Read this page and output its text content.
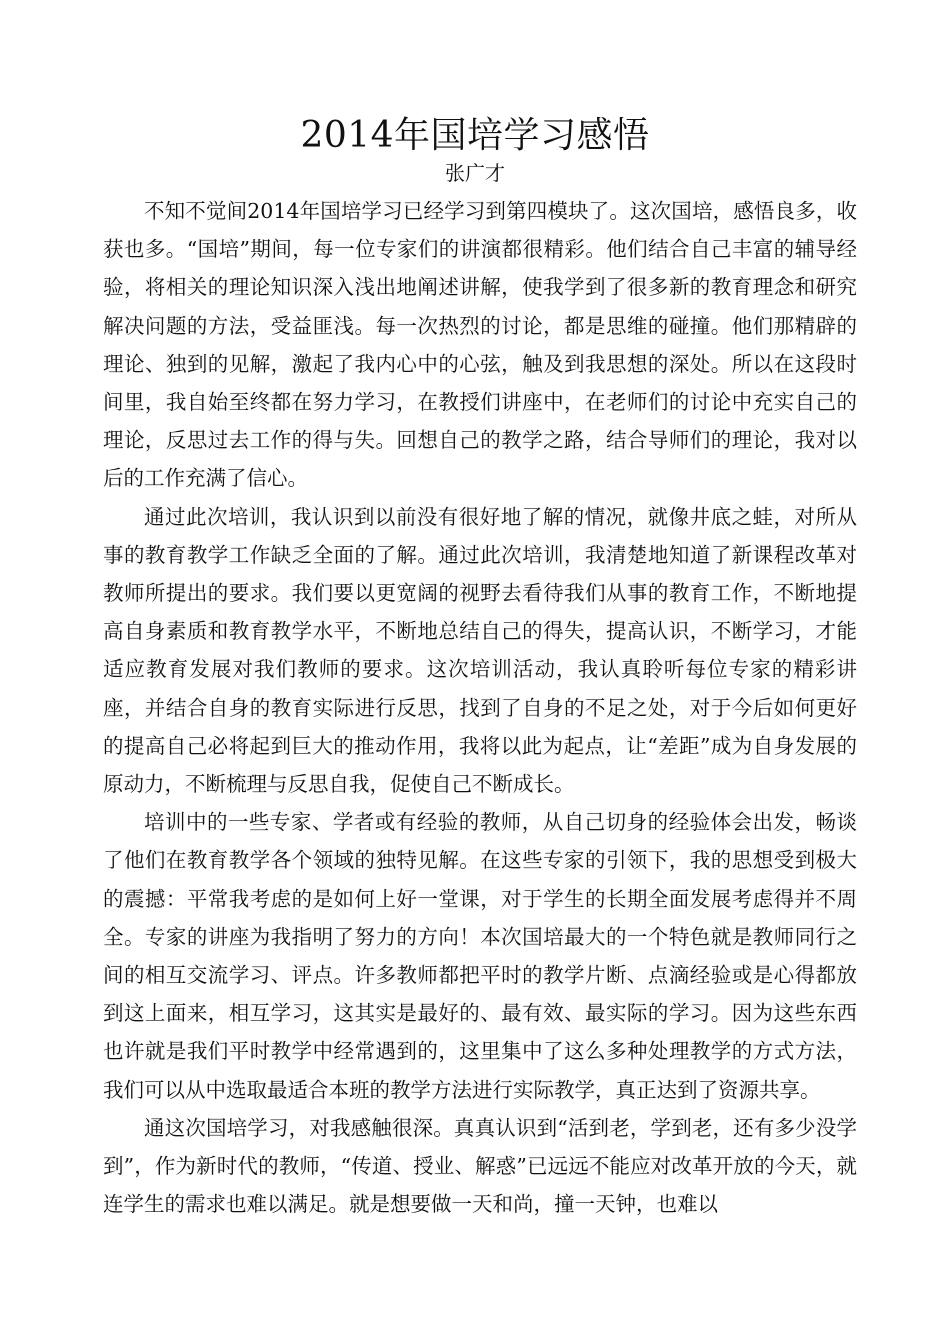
2014年国培学习感悟
张广才

不知不觉间2014年国培学习已经学习到第四模块了。这次国培，感悟良多，收获也多。“国培”期间，每一位专家们的讲演都很精彩。他们结合自己丰富的辅导经验，将相关的理论知识深入浅出地阐述讲解，使我学到了很多新的教育理念和研究解决问题的方法，受益匪浅。每一次热烈的讨论，都是思维的碰撞。他们那精辟的理论、独到的见解，激起了我内心中的心弦，触及到我思想的深处。所以在这段时间里，我自始至终都在努力学习，在教授们讲座中，在老师们的讨论中充实自己的理论，反思过去工作的得与失。回想自己的教学之路，结合导师们的理论，我对以后的工作充满了信心。

通过此次培训，我认识到以前没有很好地了解的情况，就像井底之蛙，对所从事的教育教学工作缺乏全面的了解。通过此次培训，我清楚地知道了新课程改革对教师所提出的要求。我们要以更宽阔的视野去看待我们从事的教育工作，不断地提高自身素质和教育教学水平，不断地总结自己的得失，提高认识，不断学习，才能适应教育发展对我们教师的要求。这次培训活动，我认真聆听每位专家的精彩讲座，并结合自身的教育实际进行反思，找到了自身的不足之处，对于今后如何更好的提高自己必将起到巨大的推动作用，我将以此为起点，让“差距”成为自身发展的原动力，不断梳理与反思自我，促使自己不断成长。

培训中的一些专家、学者或有经验的教师，从自己切身的经验体会出发，畅谈了他们在教育教学各个领域的独特见解。在这些专家的引领下，我的思想受到极大的震撼：平常我考虑的是如何上好一堂课，对于学生的长期全面发展考虑得并不周全。专家的讲座为我指明了努力的方向！本次国培最大的一个特色就是教师同行之间的相互交流学习、评点。许多教师都把平时的教学片断、点滴经验或是心得都放到这上面来，相互学习，这其实是最好的、最有效、最实际的学习。因为这些东西也许就是我们平时教学中经常遇到的，这里集中了这么多种处理教学的方式方法，我们可以从中选取最适合本班的教学方法进行实际教学，真正达到了资源共享。

通这次国培学习，对我感触很深。真真认识到“活到老，学到老，还有多少没学到”，作为新时代的教师，“传道、授业、解惑”已远远不能应对改革开放的今天，就连学生的需求也难以满足。就是想要做一天和尚，撞一天钟，也难以
